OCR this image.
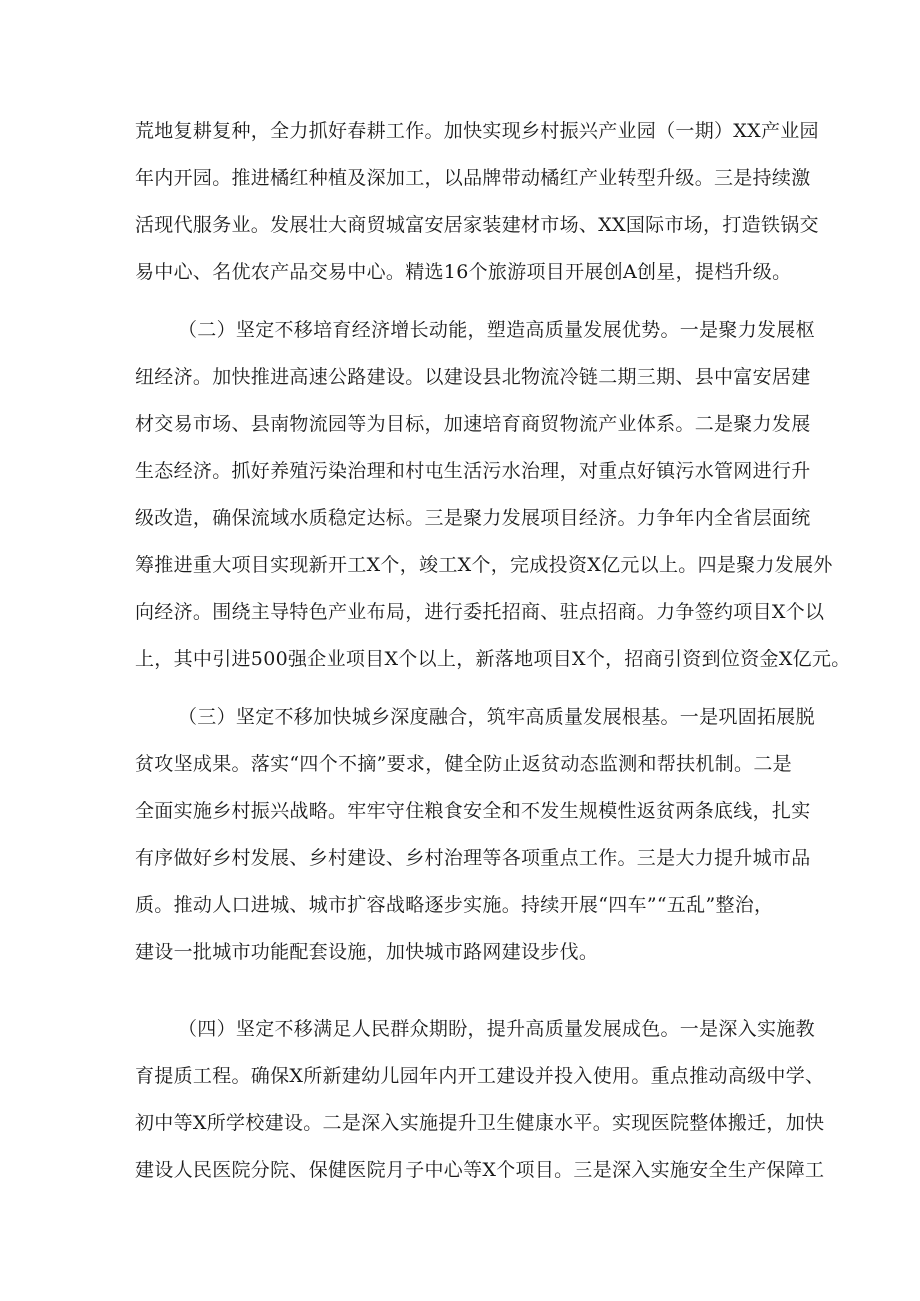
荒地复耕复种，全力抓好春耕工作。加快实现乡村振兴产业园（一期）XX产业园
年内开园。推进橘红种植及深加工，以品牌带动橘红产业转型升级。三是持续激
活现代服务业。发展壮大商贸城富安居家装建材市场、XX国际市场，打造铁锅交
易中心、名优农产品交易中心。精选16个旅游项目开展创A创星，提档升级。
（二）坚定不移培育经济增长动能，塑造高质量发展优势。一是聚力发展枢
纽经济。加快推进高速公路建设。以建设县北物流冷链二期三期、县中富安居建
材交易市场、县南物流园等为目标，加速培育商贸物流产业体系。二是聚力发展
生态经济。抓好养殖污染治理和村屯生活污水治理，对重点好镇污水管网进行升
级改造，确保流域水质稳定达标。三是聚力发展项目经济。力争年内全省层面统
筹推进重大项目实现新开工X个，竣工X个，完成投资X亿元以上。四是聚力发展外
向经济。围绕主导特色产业布局，进行委托招商、驻点招商。力争签约项目X个以
上，其中引进500强企业项目X个以上，新落地项目X个，招商引资到位资金X亿元。
（三）坚定不移加快城乡深度融合，筑牢高质量发展根基。一是巩固拓展脱
贫攻坚成果。落实“四个不摘”要求，健全防止返贫动态监测和帮扶机制。二是
全面实施乡村振兴战略。牢牢守住粮食安全和不发生规模性返贫两条底线，扎实
有序做好乡村发展、乡村建设、乡村治理等各项重点工作。三是大力提升城市品
质。推动人口进城、城市扩容战略逐步实施。持续开展“四车”“五乱”整治，
建设一批城市功能配套设施，加快城市路网建设步伐。
（四）坚定不移满足人民群众期盼，提升高质量发展成色。一是深入实施教
育提质工程。确保X所新建幼儿园年内开工建设并投入使用。重点推动高级中学、
初中等X所学校建设。二是深入实施提升卫生健康水平。实现医院整体搬迁，加快
建设人民医院分院、保健医院月子中心等X个项目。三是深入实施安全生产保障工
